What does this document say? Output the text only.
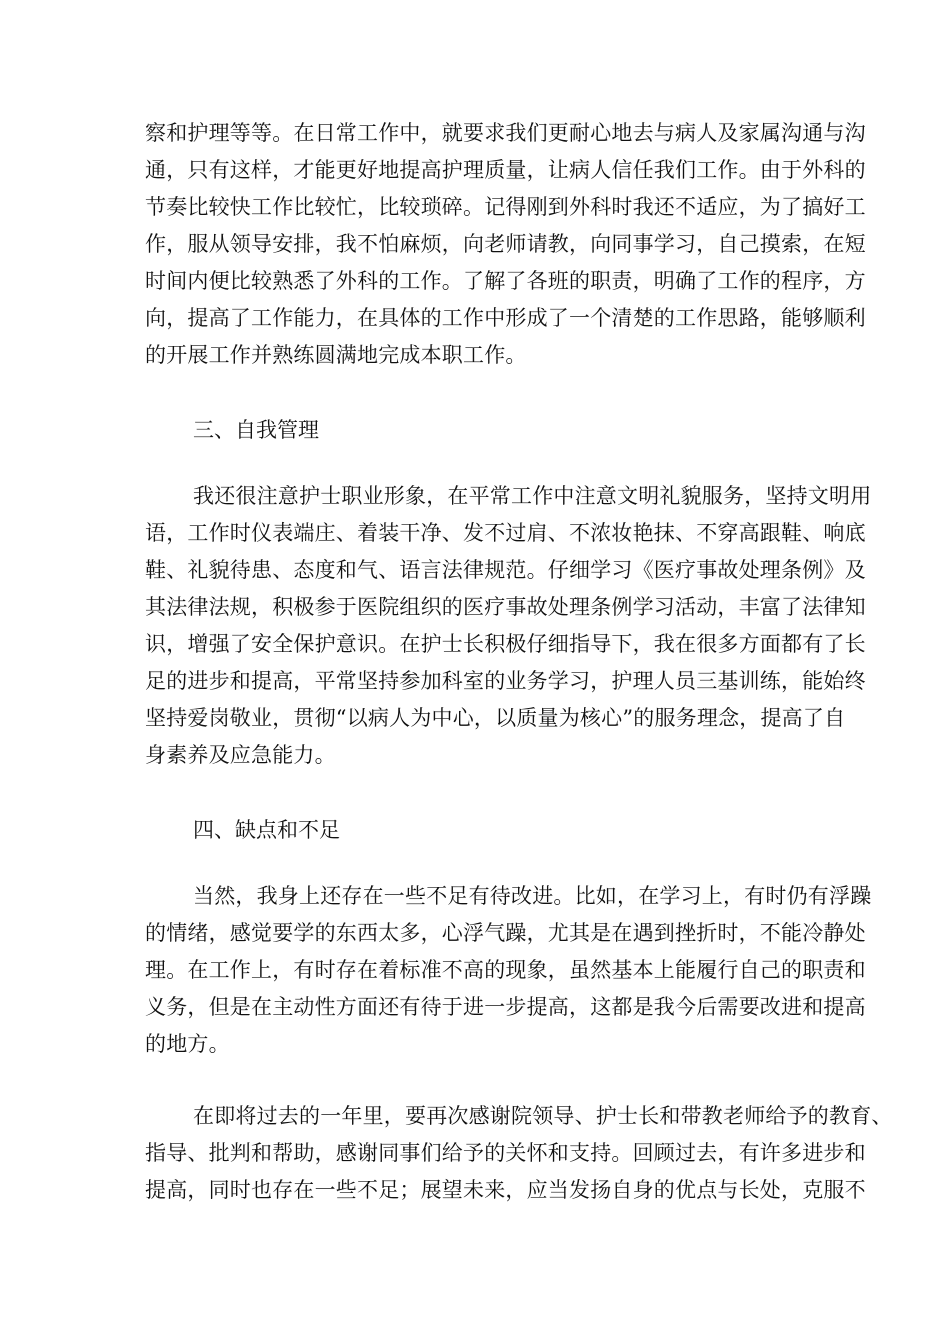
察和护理等等。在日常工作中，就要求我们更耐心地去与病人及家属沟通与沟
通，只有这样，才能更好地提高护理质量，让病人信任我们工作。由于外科的
节奏比较快工作比较忙，比较琐碎。记得刚到外科时我还不适应，为了搞好工
作，服从领导安排，我不怕麻烦，向老师请教，向同事学习，自己摸索，在短
时间内便比较熟悉了外科的工作。了解了各班的职责，明确了工作的程序，方
向，提高了工作能力，在具体的工作中形成了一个清楚的工作思路，能够顺利
的开展工作并熟练圆满地完成本职工作。
三、自我管理
我还很注意护士职业形象，在平常工作中注意文明礼貌服务，坚持文明用
语，工作时仪表端庄、着装干净、发不过肩、不浓妆艳抹、不穿高跟鞋、响底
鞋、礼貌待患、态度和气、语言法律规范。仔细学习《医疗事故处理条例》及
其法律法规，积极参于医院组织的医疗事故处理条例学习活动，丰富了法律知
识，增强了安全保护意识。在护士长积极仔细指导下，我在很多方面都有了长
足的进步和提高，平常坚持参加科室的业务学习，护理人员三基训练，能始终
坚持爱岗敬业，贯彻“以病人为中心，以质量为核心”的服务理念，提高了自
身素养及应急能力。
四、缺点和不足
当然，我身上还存在一些不足有待改进。比如，在学习上，有时仍有浮躁
的情绪，感觉要学的东西太多，心浮气躁，尤其是在遇到挫折时，不能冷静处
理。在工作上，有时存在着标准不高的现象，虽然基本上能履行自己的职责和
义务，但是在主动性方面还有待于进一步提高，这都是我今后需要改进和提高
的地方。
在即将过去的一年里，要再次感谢院领导、护士长和带教老师给予的教育、
指导、批判和帮助，感谢同事们给予的关怀和支持。回顾过去，有许多进步和
提高，同时也存在一些不足；展望未来，应当发扬自身的优点与长处，克服不
